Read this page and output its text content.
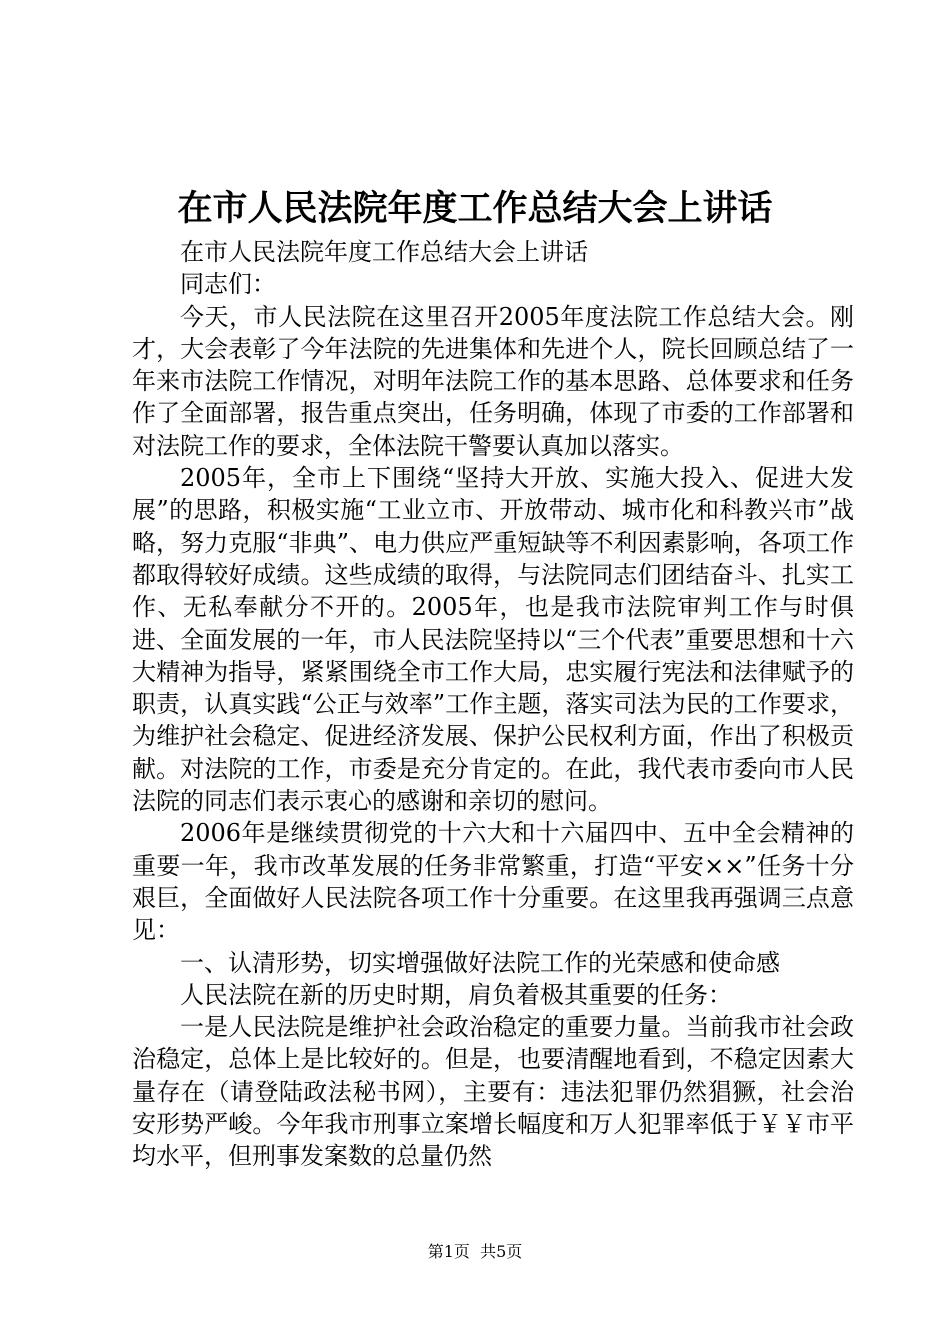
在市人民法院年度工作总结大会上讲话

在市人民法院年度工作总结大会上讲话

同志们：

今天，市人民法院在这里召开2005年度法院工作总结大会。刚才，大会表彰了今年法院的先进集体和先进个人，院长回顾总结了一年来市法院工作情况，对明年法院工作的基本思路、总体要求和任务作了全面部署，报告重点突出，任务明确，体现了市委的工作部署和对法院工作的要求，全体法院干警要认真加以落实。

2005年，全市上下围绕“坚持大开放、实施大投入、促进大发展”的思路，积极实施“工业立市、开放带动、城市化和科教兴市”战略，努力克服“非典”、电力供应严重短缺等不利因素影响，各项工作都取得较好成绩。这些成绩的取得，与法院同志们团结奋斗、扎实工作、无私奉献分不开的。2005年，也是我市法院审判工作与时俱进、全面发展的一年，市人民法院坚持以“三个代表”重要思想和十六大精神为指导，紧紧围绕全市工作大局，忠实履行宪法和法律赋予的职责，认真实践“公正与效率”工作主题，落实司法为民的工作要求，为维护社会稳定、促进经济发展、保护公民权利方面，作出了积极贡献。对法院的工作，市委是充分肯定的。在此，我代表市委向市人民法院的同志们表示衷心的感谢和亲切的慰问。

2006年是继续贯彻党的十六大和十六届四中、五中全会精神的重要一年，我市改革发展的任务非常繁重，打造“平安××”任务十分艰巨，全面做好人民法院各项工作十分重要。在这里我再强调三点意见：

一、认清形势，切实增强做好法院工作的光荣感和使命感

人民法院在新的历史时期，肩负着极其重要的任务：

一是人民法院是维护社会政治稳定的重要力量。当前我市社会政治稳定，总体上是比较好的。但是，也要清醒地看到，不稳定因素大量存在（请登陆政法秘书网），主要有：违法犯罪仍然猖獗，社会治安形势严峻。今年我市刑事立案增长幅度和万人犯罪率低于￥￥市平均水平，但刑事发案数的总量仍然

第1页  共5页
